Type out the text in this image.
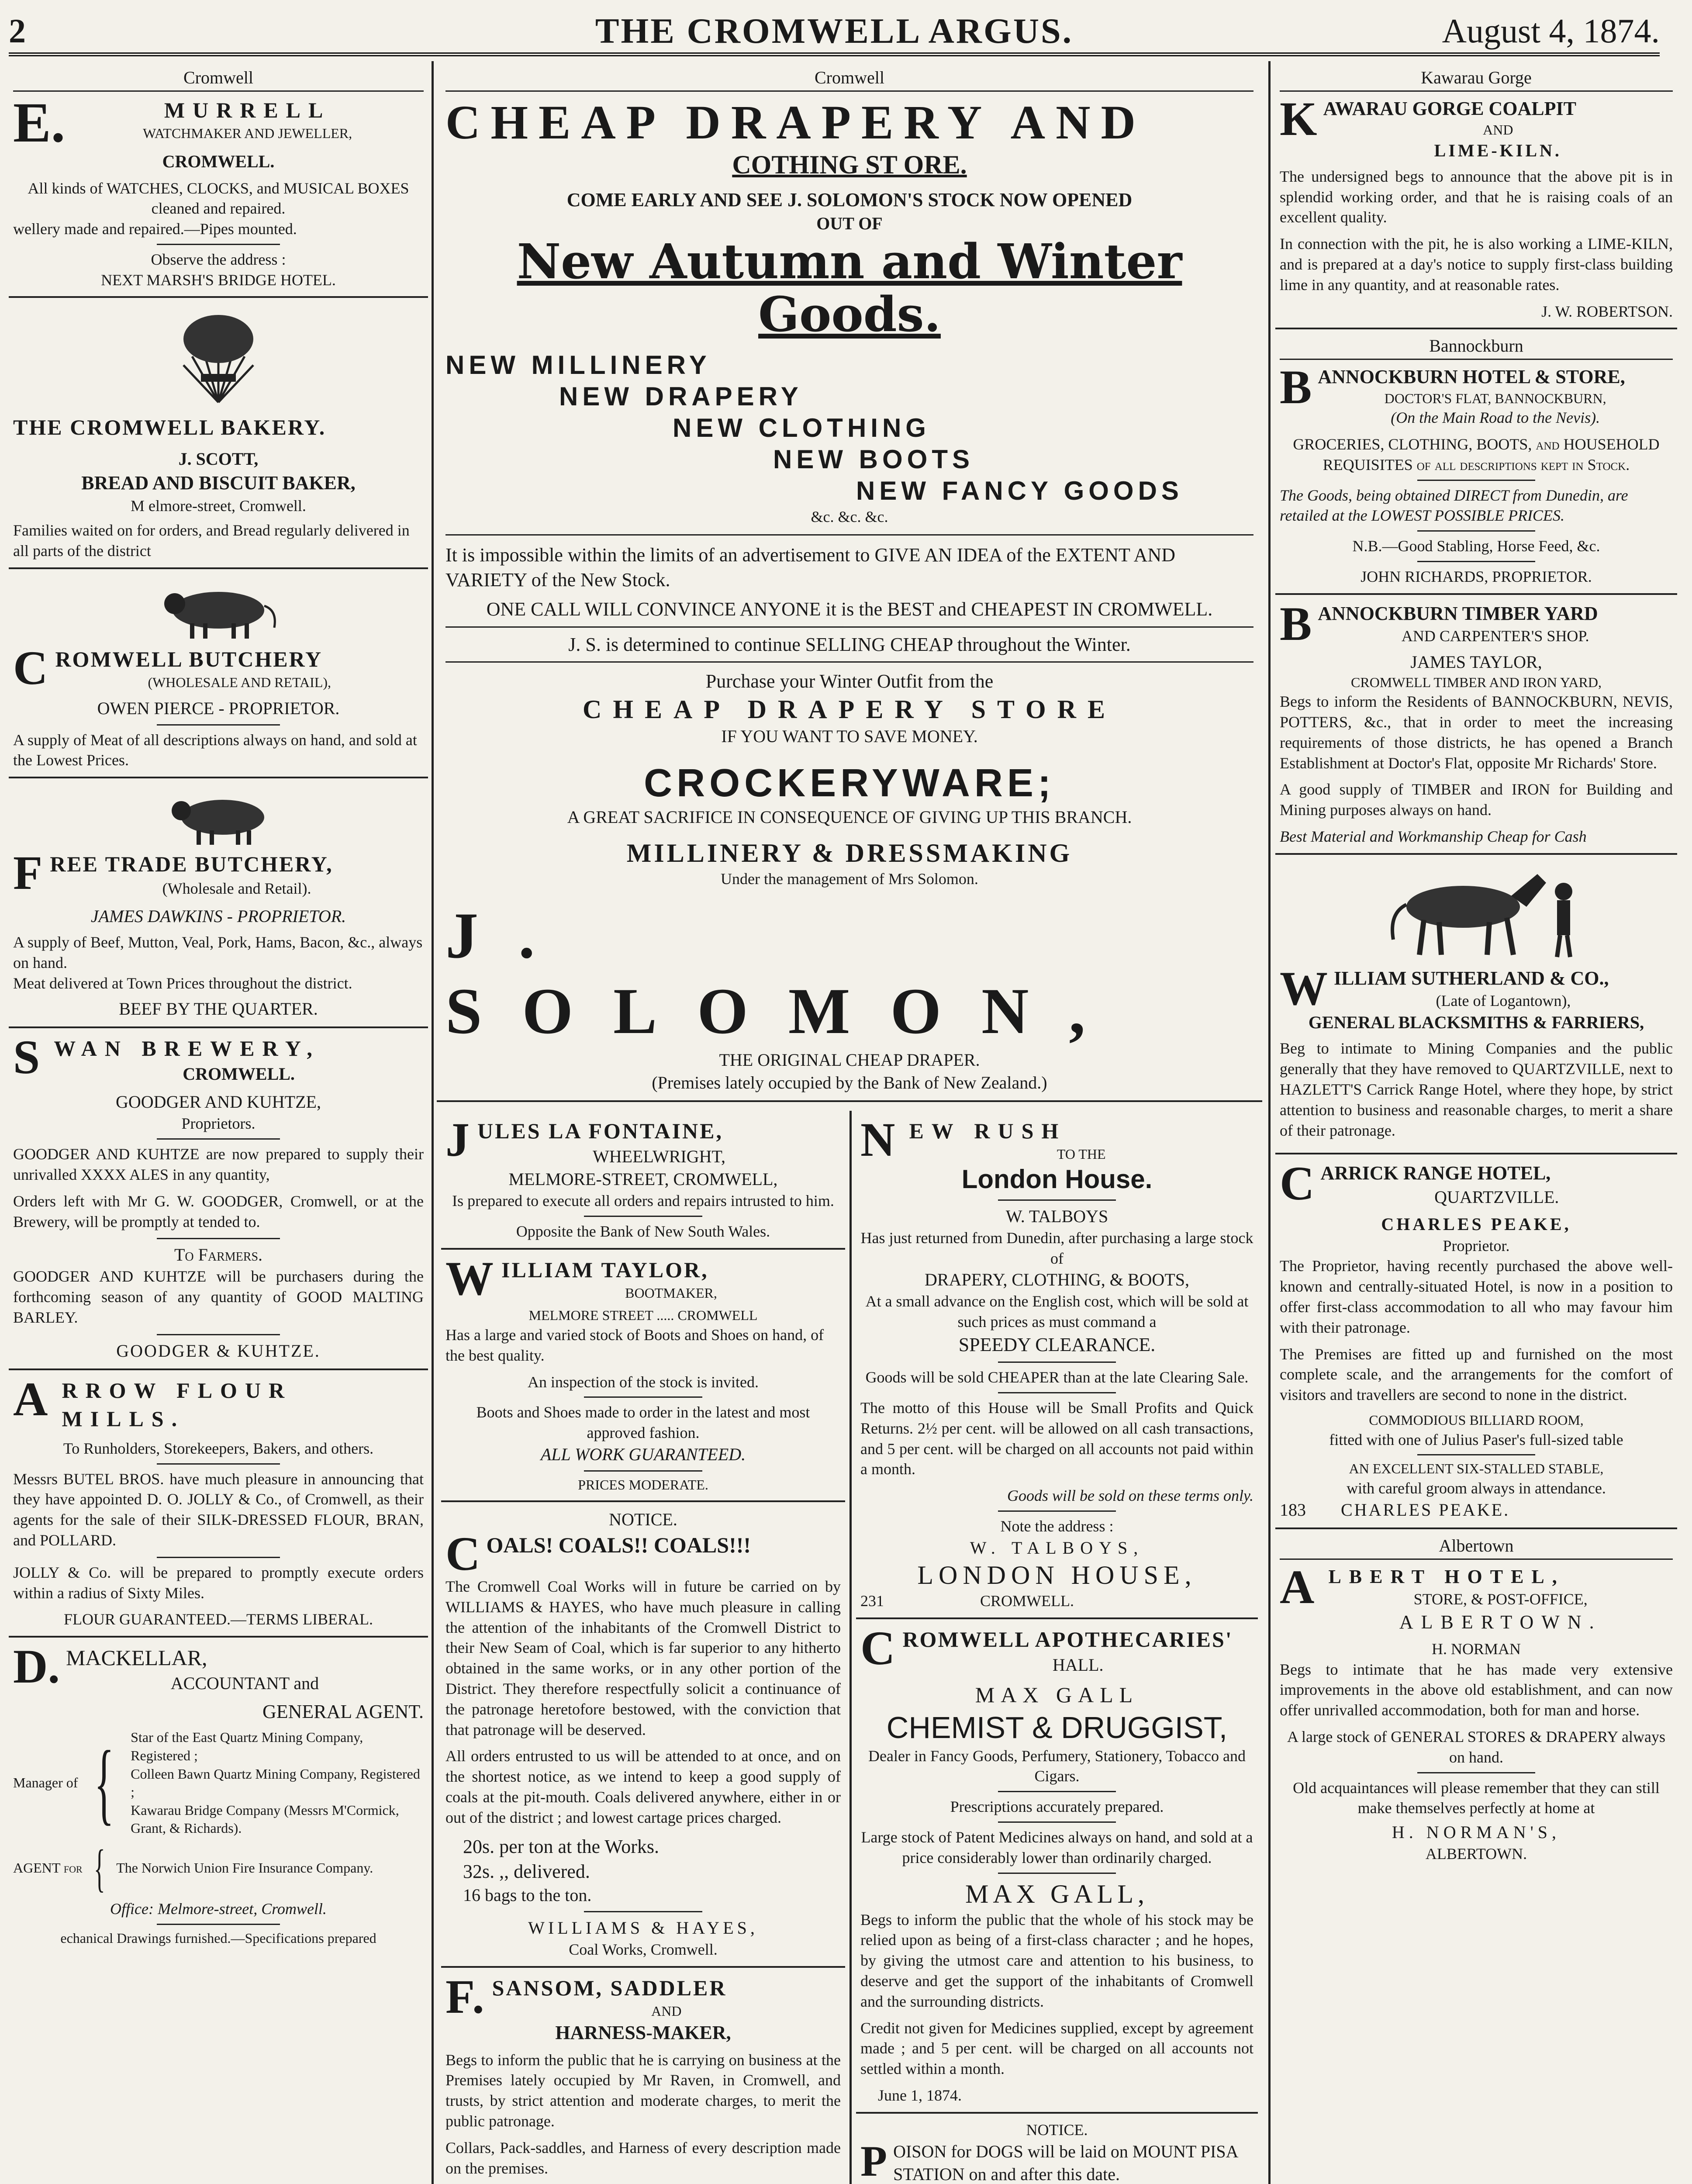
2	THE CROMWELL ARGUS.	August 4, 1874.
Cromwell
E.	MURRELL
WATCHMAKER AND JEWELLER,
CROMWELL.
All kinds of WATCHES, CLOCKS, and MUSICAL BOXES cleaned and repaired.
wellery made and repaired.—Pipes mounted.
Observe the address :
NEXT MARSH'S BRIDGE HOTEL.
THE CROMWELL BAKERY.
J. SCOTT,
BREAD AND BISCUIT BAKER,
M elmore-street, Cromwell.
Families waited on for orders, and Bread regularly delivered in all parts of the district
CROMWELL BUTCHERY
(WHOLESALE AND RETAIL),
OWEN PIERCE - PROPRIETOR.
A supply of Meat of all descriptions always on hand, and sold at the Lowest Prices.
FREE TRADE BUTCHERY,
(Wholesale and Retail).
JAMES DAWKINS - PROPRIETOR.
A supply of Beef, Mutton, Veal, Pork, Hams, Bacon, &c., always on hand.
Meat delivered at Town Prices throughout the district.
BEEF BY THE QUARTER.
SWAN BREWERY,
CROMWELL.
GOODGER AND KUHTZE,
Proprietors.

GOODGER AND KUHTZE are now prepared to supply their unrivalled XXXX ALES in any quantity,

Orders left with Mr G. W. GOODGER, Cromwell, or at the Brewery, will be promptly at tended to.

To Farmers.

GOODGER AND KUHTZE will be purchasers during the forthcoming season of any quantity of GOOD MALTING BARLEY.

GOODGER & KUHTZE.
ARROW FLOUR MILLS.
To Runholders, Storekeepers, Bakers, and others.

Messrs BUTEL BROS. have much pleasure in announcing that they have appointed D. O. JOLLY & Co., of Cromwell, as their agents for the sale of their SILK-DRESSED FLOUR, BRAN, and POLLARD.

JOLLY & Co. will be prepared to promptly execute orders within a radius of Sixty Miles.

FLOUR GUARANTEED.—TERMS LIBERAL.
D. MACKELLAR,
ACCOUNTANT and
GENERAL AGENT.
Manager of { Star of the East Quartz Mining Company, Registered ;
Colleen Bawn Quartz Mining Company, Registered ;
Kawarau Bridge Company (Messrs M'Cormick, Grant, & Richards).
AGENT for { The Norwich Union Fire Insurance Company.
Office: Melmore-street, Cromwell.
echanical Drawings furnished.—Specifications prepared
Cromwell
CHEAP DRAPERY AND
COTHING ST ORE.
COME EARLY AND SEE J. SOLOMON'S STOCK NOW OPENED
OUT OF
New Autumn and Winter Goods.
NEW MILLINERY
NEW DRAPERY
NEW CLOTHING
NEW BOOTS
NEW FANCY GOODS
&c. &c. &c.
It is impossible within the limits of an advertisement to GIVE AN IDEA of the EXTENT AND VARIETY of the New Stock.
ONE CALL WILL CONVINCE ANYONE it is the BEST and CHEAPEST IN CROMWELL.
J. S. is determined to continue SELLING CHEAP throughout the Winter.
Purchase your Winter Outfit from the
CHEAP DRAPERY STORE
IF YOU WANT TO SAVE MONEY.
CROCKERYWARE;
A GREAT SACRIFICE IN CONSEQUENCE OF GIVING UP THIS BRANCH.
MILLINERY & DRESSMAKING
Under the management of Mrs Solomon.
J. SOLOMON,
THE ORIGINAL CHEAP DRAPER.
(Premises lately occupied by the Bank of New Zealand.)
JULES LA FONTAINE,
WHEELWRIGHT,
MELMORE-STREET, CROMWELL,
Is prepared to execute all orders and repairs intrusted to him.
Opposite the Bank of New South Wales.
WILLIAM TAYLOR,
BOOTMAKER,
MELMORE STREET ..... CROMWELL

Has a large and varied stock of Boots and Shoes on hand, of the best quality.

An inspection of the stock is invited.
Boots and Shoes made to order in the latest and most approved fashion.
ALL WORK GUARANTEED.
PRICES MODERATE.
NOTICE.
COALS! COALS!! COALS!!!

The Cromwell Coal Works will in future be carried on by WILLIAMS & HAYES, who have much pleasure in calling the attention of the inhabitants of the Cromwell District to their New Seam of Coal, which is far superior to any hitherto obtained in the same works, or in any other portion of the District. They therefore respectfully solicit a continuance of the patronage heretofore bestowed, with the conviction that that patronage will be deserved.

All orders entrusted to us will be attended to at once, and on the shortest notice, as we intend to keep a good supply of coals at the pit-mouth. Coals delivered anywhere, either in or out of the district ; and lowest cartage prices charged.

20s. per ton at the Works.
32s. ,, delivered.
16 bags to the ton.
WILLIAMS & HAYES,
Coal Works, Cromwell.
F. SANSOM, SADDLER
AND
HARNESS-MAKER,

Begs to inform the public that he is carrying on business at the Premises lately occupied by Mr Raven, in Cromwell, and trusts, by strict attention and moderate charges, to merit the public patronage.

Collars, Pack-saddles, and Harness of every description made on the premises.

NEW RUSH
TO THE
London House.
W. TALBOYS
Has just returned from Dunedin, after purchasing a large stock of
DRAPERY, CLOTHING, & BOOTS,
At a small advance on the English cost, which will be sold at such prices as must command a
SPEEDY CLEARANCE.
Goods will be sold CHEAPER than at the late Clearing Sale.

The motto of this House will be Small Profits and Quick Returns. 2½ per cent. will be allowed on all cash transactions, and 5 per cent. will be charged on all accounts not paid within a month.

Goods will be sold on these terms only.
Note the address :
W. TALBOYS,
LONDON HOUSE,
231	CROMWELL.
CROMWELL APOTHECARIES'
HALL.
MAX GALL
CHEMIST & DRUGGIST,
Dealer in Fancy Goods, Perfumery, Stationery, Tobacco and Cigars.
Prescriptions accurately prepared.
Large stock of Patent Medicines always on hand, and sold at a price considerably lower than ordinarily charged.
MAX GALL,

Begs to inform the public that the whole of his stock may be relied upon as being of a first-class character ; and he hopes, by giving the utmost care and attention to his business, to deserve and get the support of the inhabitants of Cromwell and the surrounding districts.

Credit not given for Medicines supplied, except by agreement made ; and 5 per cent. will be charged on all accounts not settled within a month.

June 1, 1874.
NOTICE.
POISON for DOGS will be laid on MOUNT PISA STATION on and after this date.
Kawarau Gorge
KAWARAU GORGE COALPIT
AND
LIME-KILN.

The undersigned begs to announce that the above pit is in splendid working order, and that he is raising coals of an excellent quality.

In connection with the pit, he is also working a LIME-KILN, and is prepared at a day's notice to supply first-class building lime in any quantity, and at reasonable rates.

J. W. ROBERTSON.
Bannockburn
BANNOCKBURN HOTEL & STORE,
DOCTOR'S FLAT, BANNOCKBURN,
(On the Main Road to the Nevis).
GROCERIES, CLOTHING, BOOTS, and HOUSEHOLD REQUISITES of all descriptions kept in Stock.
The Goods, being obtained DIRECT from Dunedin, are retailed at the LOWEST POSSIBLE PRICES.
N.B.—Good Stabling, Horse Feed, &c.
JOHN RICHARDS, PROPRIETOR.
BANNOCKBURN TIMBER YARD
AND CARPENTER'S SHOP.
JAMES TAYLOR,
CROMWELL TIMBER AND IRON YARD,

Begs to inform the Residents of BANNOCKBURN, NEVIS, POTTERS, &c., that in order to meet the increasing requirements of those districts, he has opened a Branch Establishment at Doctor's Flat, opposite Mr Richards' Store.

A good supply of TIMBER and IRON for Building and Mining purposes always on hand.

Best Material and Workmanship Cheap for Cash
WILLIAM SUTHERLAND & CO.,
(Late of Logantown),
GENERAL BLACKSMITHS & FARRIERS,

Beg to intimate to Mining Companies and the public generally that they have removed to QUARTZVILLE, next to HAZLETT'S Carrick Range Hotel, where they hope, by strict attention to business and reasonable charges, to merit a share of their patronage.

CARRICK RANGE HOTEL,
QUARTZVILLE.
CHARLES PEAKE,
Proprietor.

The Proprietor, having recently purchased the above well-known and centrally-situated Hotel, is now in a position to offer first-class accommodation to all who may favour him with their patronage.

The Premises are fitted up and furnished on the most complete scale, and the arrangements for the comfort of visitors and travellers are second to none in the district.

COMMODIOUS BILLIARD ROOM,
fitted with one of Julius Paser's full-sized table
AN EXCELLENT SIX-STALLED STABLE,
with careful groom always in attendance.
183 CHARLES PEAKE.
Albertown
ALBERT HOTEL,
STORE, & POST-OFFICE,
ALBERTOWN.
H. NORMAN

Begs to intimate that he has made very extensive improvements in the above old establishment, and can now offer unrivalled accommodation, both for man and horse.

A large stock of GENERAL STORES & DRAPERY always on hand.
Old acquaintances will please remember that they can still make themselves perfectly at home at
H. NORMAN'S,
ALBERTOWN.
